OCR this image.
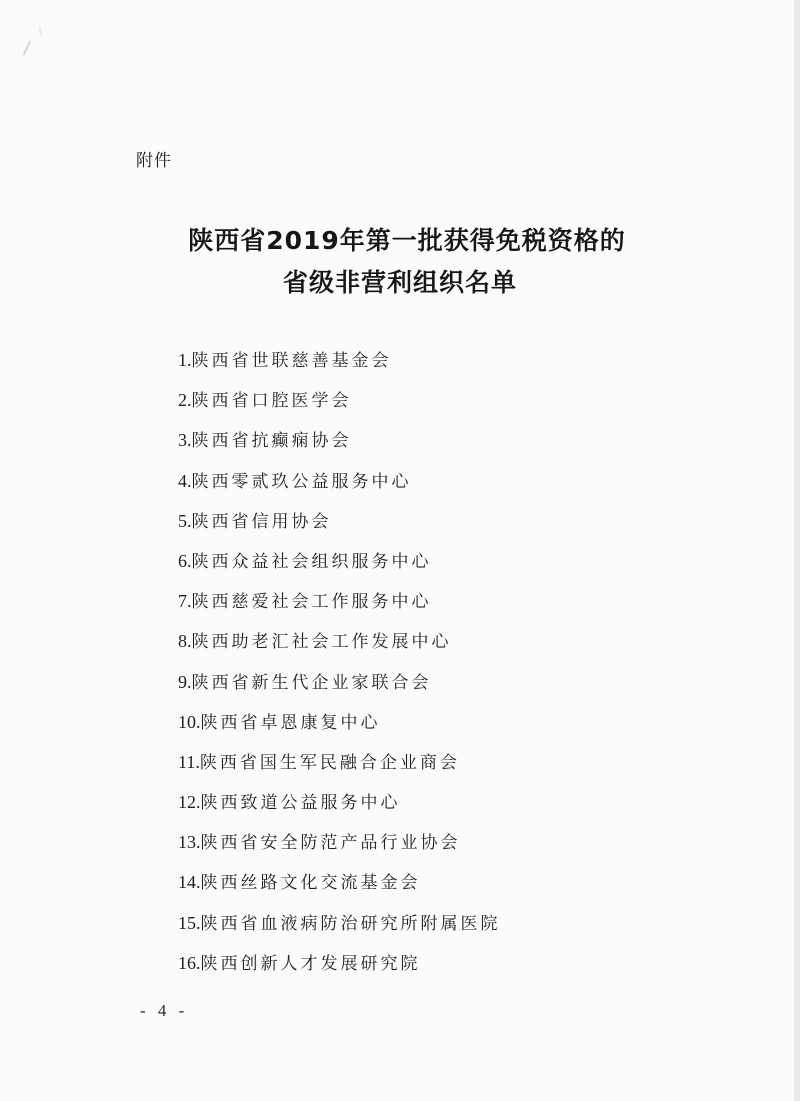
附件
陕西省2019年第一批获得免税资格的
省级非营利组织名单
1.陕西省世联慈善基金会
2.陕西省口腔医学会
3.陕西省抗癫痫协会
4.陕西零贰玖公益服务中心
5.陕西省信用协会
6.陕西众益社会组织服务中心
7.陕西慈爱社会工作服务中心
8.陕西助老汇社会工作发展中心
9.陕西省新生代企业家联合会
10.陕西省卓恩康复中心
11.陕西省国生军民融合企业商会
12.陕西致道公益服务中心
13.陕西省安全防范产品行业协会
14.陕西丝路文化交流基金会
15.陕西省血液病防治研究所附属医院
16.陕西创新人才发展研究院
- 4 -
